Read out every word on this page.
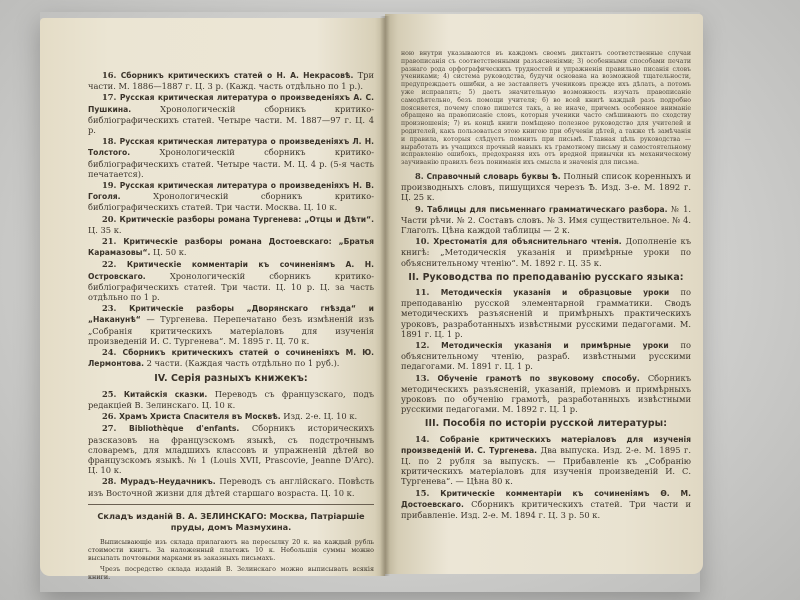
16. Сборникъ критическихъ статей о Н. А. Некрасовѣ. Три части. М. 1886—1887 г. Ц. 3 р. (Кажд. часть отдѣльно по 1 р.).
17. Русская критическая литература о произведеніяхъ А. С. Пушкина.	Хронологическій сборникъ критико-библіографическихъ статей. Четыре части. М. 1887—97 г. Ц. 4 р.
18. Русская критическая литература о произведеніяхъ Л. Н. Толстого.	Хронологическій сборникъ критико-библіографическихъ статей. Четыре части. М. Ц. 4 р. (5-я часть печатается).
19. Русская критическая литература о произведеніяхъ Н. В. Гоголя.	Хронологическій сборникъ критико-библіографическихъ статей. Три части. Москва. Ц. 10 к.
20. Критическіе разборы романа Тургенева: „Отцы и Дѣти“. Ц. 35 к.
21. Критическіе разборы романа Достоевскаго: „Братья Карамазовы“. Ц. 50 к.
22. Критическіе комментаріи къ сочиненіямъ А. Н. Островскаго.	Хронологическій сборникъ критико-библіографическихъ статей. Три части. Ц. 10 р. Ц. за часть отдѣльно по 1 р.
23. Критическіе разборы „Дворянскаго гнѣзда“ и „Наканунѣ“ — Тургенева. Перепечатано безъ измѣненій изъ „Собранія критическихъ матеріаловъ для изученія произведеній И. С. Тургенева“. М. 1895 г. Ц. 70 к.
24. Сборникъ критическихъ статей о сочиненіяхъ М. Ю. Лермонтова. 2 части. (Каждая часть отдѣльно по 1 руб.).
IV. Серія разныхъ книжекъ:
25. Китайскія сказки. Переводъ съ французскаго, подъ редакціей В. Зелинскаго. Ц. 10 к.
26. Храмъ Христа Спасителя въ Москвѣ. Изд. 2-е. Ц. 10 к.
27. Bibliothèque d'enfants. Сборникъ историческихъ разсказовъ на французскомъ языкѣ, съ подстрочнымъ словаремъ, для младшихъ классовъ и упражненій дѣтей во французскомъ языкѣ. № 1 (Louis XVII, Prascovie, Jeanne D'Arc). Ц. 10 к.
28. Мурадъ-Неудачникъ. Переводъ съ англійскаго. Повѣсть изъ Восточной жизни для дѣтей старшаго возраста. Ц. 10 к.
Складъ изданій В. А. ЗЕЛИНСКАГО: Москва, Патріаршіе пруды, домъ Мазмухина.
Выписывающіе изъ склада прилагаютъ на пересылку 20 к. на каждый рубль стоимости книгъ. За наложенный платежъ 10 к. Небольшія суммы можно высылать почтовыми марками въ заказныхъ письмахъ.
Чрезъ посредство склада изданій В. Зелинскаго можно выписывать всякія книги.
ною внутри указываются въ каждомъ своемъ диктантъ соответственные случаи правописанія съ соответственными разъясненіями; 3) особенными способами печати разнаго рода орфографическихъ трудностей и упражненія правильно писанія словъ учениками; 4) система руководства, будучи основана на возможной тщательности, предупреждаетъ ошибки, а не заставляетъ учениковъ прежде ихъ дѣлать, а потомъ уже исправлять; 5) даетъ значительную возможность изучать правописаніе самодѣятельно, безъ помощи учителя; 6) во всей книгѣ каждый разъ подробно поясняется, почему слово пишется такъ, а не иначе, причемъ особенное вниманіе обращено на правописаніе словъ, которыя ученики часто смѣшиваютъ по сходству произношенія; 7) въ концѣ книги помѣщено полезное руководство для учителей и родителей, какъ пользоваться этою книгою при обученіи дѣтей, а также тѣ замѣчанія и правила, которыя слѣдуетъ помнить при письмѣ. Главная цѣль руководства — выработать въ учащихся прочный навыкъ къ грамотному письму и самостоятельному исправленію ошибокъ, предохраняя ихъ отъ вредной привычки къ механическому заучиванію правилъ безъ пониманія ихъ смысла и значенія для письма.
8. Справочный словарь буквы Ѣ. Полный список коренныхъ и производныхъ словъ, пишущихся черезъ Ѣ. Изд. 3-е. М. 1892 г. Ц. 25 к.
9. Таблицы для письменнаго грамматическаго разбора. № 1. Части рѣчи. № 2. Составъ словъ. № 3. Имя существительное. № 4. Глаголъ. Цѣна каждой таблицы — 2 к.
10. Хрестоматія для объяснительнаго чтенія. Дополненіе къ книгѣ: „Методическія указанія и примѣрные уроки по объяснительному чтенію“. М. 1892 г. Ц. 35 к.
II. Руководства по преподаванію русскаго языка:
11. Методическія указанія и образцовые уроки по преподаванію русской элементарной грамматики. Сводъ методическихъ разъясненій и примѣрныхъ практическихъ уроковъ, разработанныхъ извѣстными русскими педагогами. М. 1891 г. Ц. 1 р.
12. Методическія указанія и примѣрные уроки по объяснительному чтенію, разраб. извѣстными русскими педагогами. М. 1891 г. Ц. 1 р.
13. Обученіе грамотѣ по звуковому способу. Сборникъ методическихъ разъясненій, указаній, пріемовъ и примѣрныхъ уроковъ по обученію грамотѣ, разработанныхъ извѣстными русскими педагогами. М. 1892 г. Ц. 1 р.
III. Пособія по исторіи русской литературы:
14. Собраніе критическихъ матеріаловъ для изученія произведеній И. С. Тургенева. Два выпуска. Изд. 2-е. М. 1895 г. Ц. по 2 рубля за выпускъ. — Прибавленіе къ „Собранію критическихъ матеріаловъ для изученія произведеній И. С. Тургенева“. — Цѣна 80 к.
15. Критическіе комментаріи къ сочиненіямъ Ѳ. М. Достоевскаго. Сборникъ критическихъ статей. Три части и прибавленіе. Изд. 2-е. М. 1894 г. Ц. 3 р. 50 к.
